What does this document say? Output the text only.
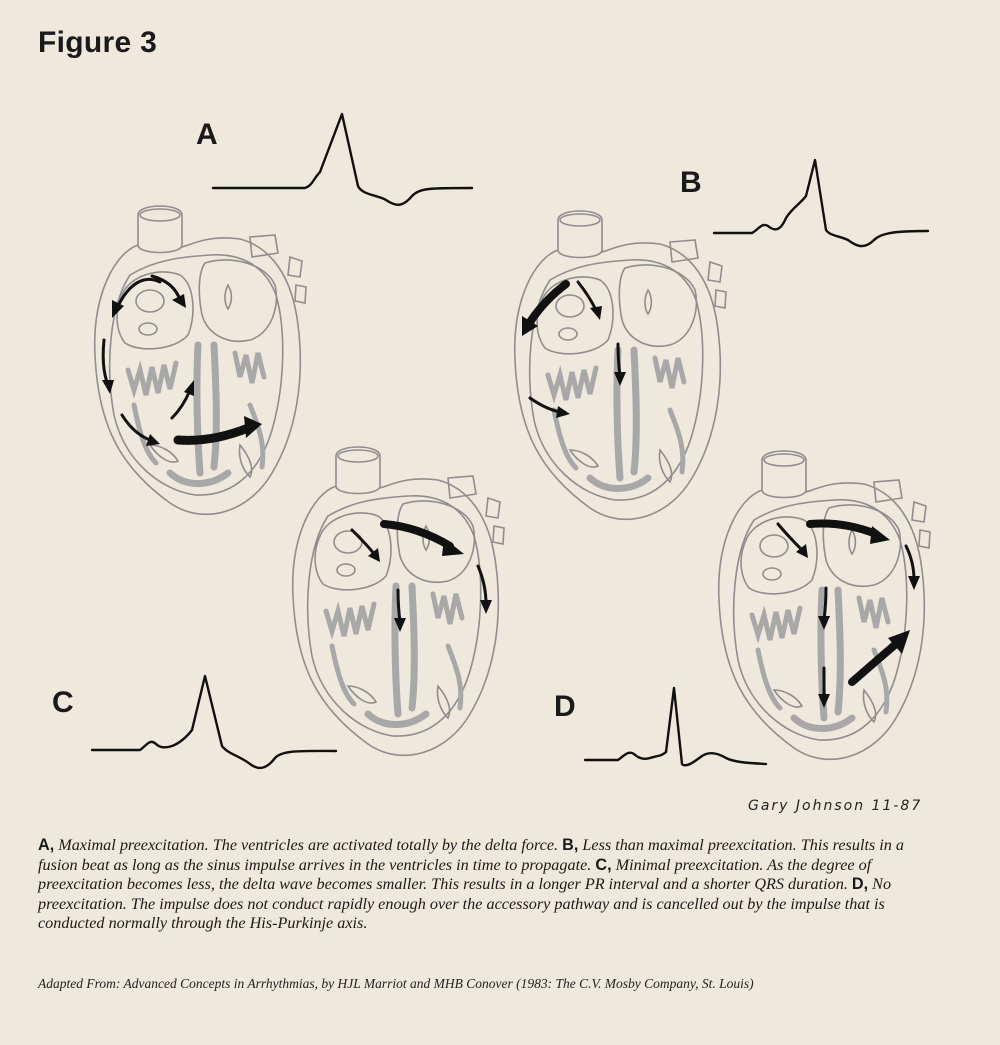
Figure 3
A
B
C	D
Gary Johnson 11-87
A, Maximal preexcitation. The ventricles are activated totally by the delta force. B, Less than maximal preexcitation. This results in a fusion beat as long as the sinus impulse arrives in the ventricles in time to propagate. C, Minimal preexcitation. As the degree of preexcitation becomes less, the delta wave becomes smaller. This results in a longer PR interval and a shorter QRS duration. D, No preexcitation. The impulse does not conduct rapidly enough over the accessory pathway and is cancelled out by the impulse that is conducted normally through the His-Purkinje axis.
Adapted From: Advanced Concepts in Arrhythmias, by HJL Marriot and MHB Conover (1983: The C.V. Mosby Company, St. Louis)
